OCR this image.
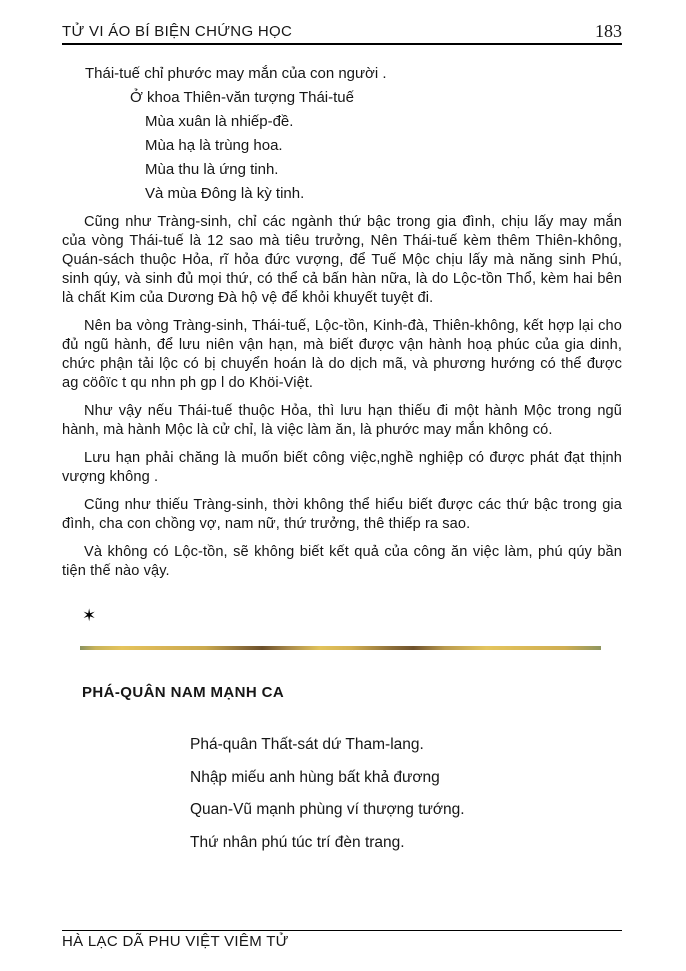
TỬ VI ÁO BÍ BIỆN CHỨNG HỌC	183
Thái-tuế chỉ phước may mắn của con người .
Ở khoa Thiên-văn tượng Thái-tuế
Mùa xuân là nhiếp-đề.
Mùa hạ là trùng hoa.
Mùa thu là ứng tinh.
Và mùa Đông là kỳ tinh.

Cũng như Tràng-sinh, chỉ các ngành thứ bậc trong gia đình, chịu lấy may mắn của vòng Thái-tuế là 12 sao mà tiêu trưởng, Nên Thái-tuế kèm thêm Thiên-không, Quán-sách thuộc Hỏa, rĩ hỏa đức vượng, để Tuế Mộc chịu lấy mà năng sinh Phú, sinh qúy, và sinh đủ mọi thứ, có thể cả bấn hàn nữa, là do Lộc-tồn Thổ, kèm hai bên là chất Kim của Dương Đà hộ vệ để khỏi khuyết tuyệt đi.

Nên ba vòng Tràng-sinh, Thái-tuế, Lộc-tồn, Kinh-đà, Thiên-không, kết hợp lại cho đủ ngũ hành, để lưu niên vận hạn, mà biết được vận hành hoạ phúc của gia dinh, chức phận tải lộc có bị chuyển hoán là do dịch mã, và phương hướng có thể được ag cöôïc t qu nhn ph gp l do Khöi-Việt.

Như vậy nếu Thái-tuế thuộc Hỏa, thì lưu hạn thiếu đi một hành Mộc trong ngũ hành, mà hành Mộc là cử chỉ, là việc làm ăn, là phước may mắn không có.

Lưu hạn phải chăng là muốn biết công việc,nghề nghiệp có được phát đạt thịnh vượng không .

Cũng như thiếu Tràng-sinh, thời không thể hiểu biết được các thứ bậc trong gia đình, cha con chồng vợ, nam nữ, thứ trưởng, thê thiếp ra sao.

Và không có Lộc-tồn, sẽ không biết kết quả của công ăn việc làm, phú qúy bần tiện thế nào vậy.

✶
PHÁ-QUÂN NAM MẠNH CA
Phá-quân Thất-sát dứ Tham-lang.
Nhập miếu anh hùng bất khả đương
Quan-Vũ mạnh phùng ví thượng tướng.
Thứ nhân phú túc trí đèn trang.
HÀ LẠC DÃ PHU VIỆT VIÊM TỬ
